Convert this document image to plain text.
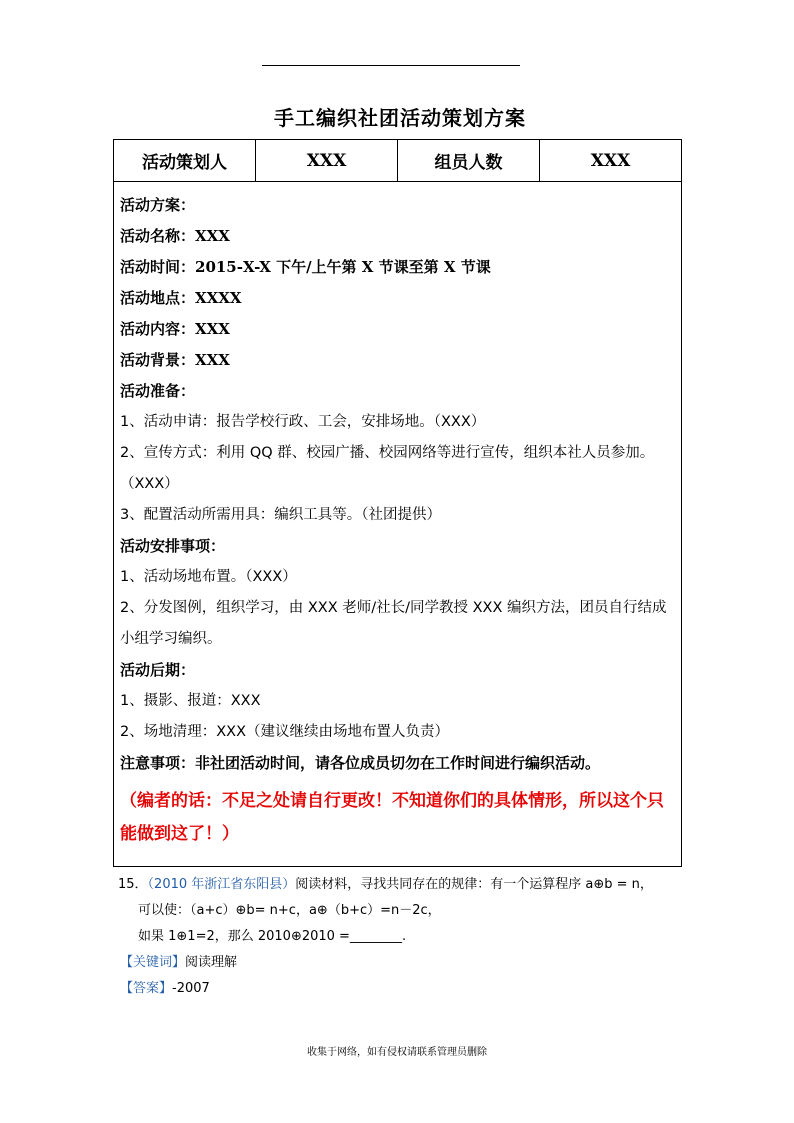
手工编织社团活动策划方案
活动策划人	XXX	组员人数	XXX
活动方案：
活动名称：XXX
活动时间：2015-X-X 下午/上午第 X 节课至第 X 节课
活动地点：XXXX
活动内容：XXX
活动背景：XXX
活动准备：
1、活动申请：报告学校行政、工会，安排场地。（XXX）
2、宣传方式：利用 QQ 群、校园广播、校园网络等进行宣传，组织本社人员参加。（XXX）
3、配置活动所需用具：编织工具等。（社团提供）
活动安排事项：
1、活动场地布置。（XXX）
2、分发图例，组织学习，由 XXX 老师/社长/同学教授 XXX 编织方法，团员自行结成小组学习编织。
活动后期：
1、摄影、报道：XXX
2、场地清理：XXX（建议继续由场地布置人负责）
注意事项：非社团活动时间，请各位成员切勿在工作时间进行编织活动。
（编者的话：不足之处请自行更改！不知道你们的具体情形，所以这个只能做到这了！）
15．（2010 年浙江省东阳县）阅读材料，寻找共同存在的规律：有一个运算程序 a⊕b = n，
可以使：（a+c）⊕b= n+c，a⊕（b+c）=n－2c，
如果 1⊕1=2，那么 2010⊕2010 =________.
【关键词】阅读理解
【答案】-2007
收集于网络，如有侵权请联系管理员删除
